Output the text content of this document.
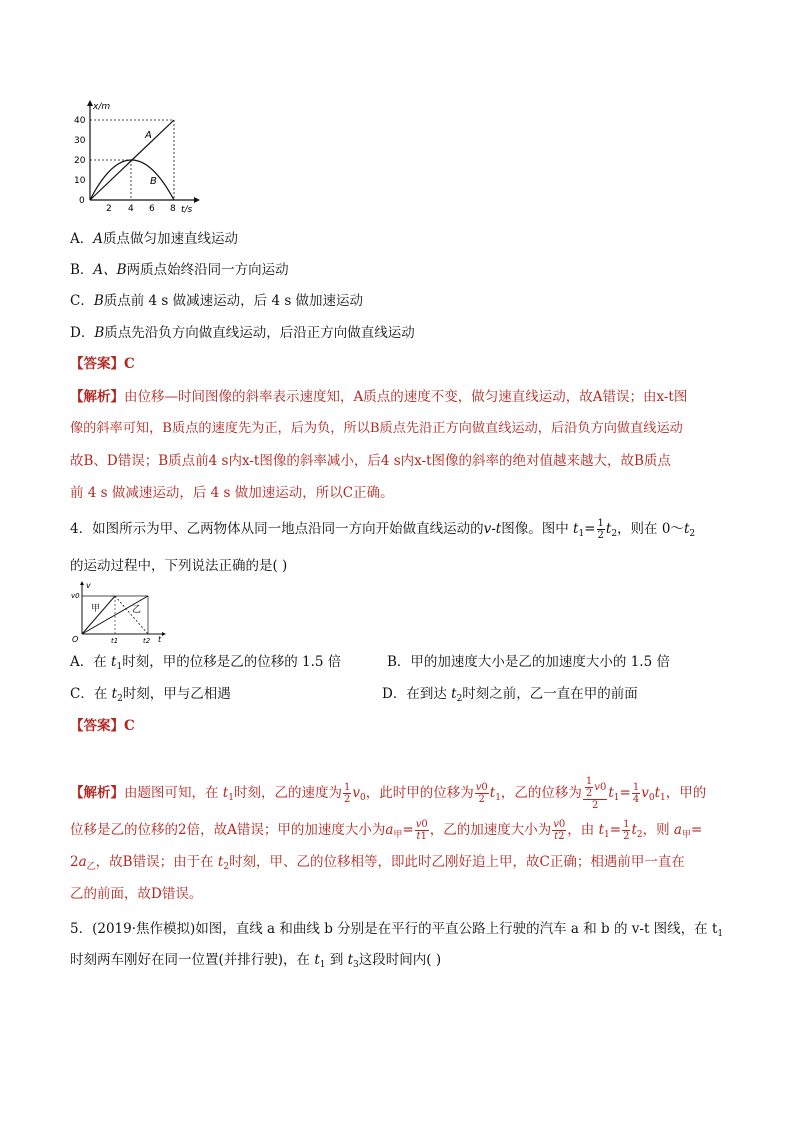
x/m
t/s
40
30
20
10
0
2 4 6 8
A
B
A．A质点做匀加速直线运动
B．A、B两质点始终沿同一方向运动
C．B质点前 4 s 做减速运动，后 4 s 做加速运动
D．B质点先沿负方向做直线运动，后沿正方向做直线运动
【答案】C
【解析】由位移—时间图像的斜率表示速度知，A质点的速度不变，做匀速直线运动，故A错误；由x-t图
像的斜率可知，B质点的速度先为正，后为负，所以B质点先沿正方向做直线运动，后沿负方向做直线运动
故B、D错误；B质点前4 s内x-t图像的斜率减小，后4 s内x-t图像的斜率的绝对值越来越大，故B质点
前 4 s 做减速运动，后 4 s 做加速运动，所以C正确。
4．如图所示为甲、乙两物体从同一地点沿同一方向开始做直线运动的v-t图像。图中 $t_1= \frac{1}{2} t_2$，则在 $0\sim t_2$
的运动过程中，下列说法正确的是( )
v
v0
甲	乙
O	t1	t2 t
A．在 $t_1$时刻，甲的位移是乙的位移的 1.5 倍	B．甲的加速度大小是乙的加速度大小的 1.5 倍
C．在 $t_2$时刻，甲与乙相遇	D．在到达 $t_2$时刻之前，乙一直在甲的前面
【答案】C
【解析】由题图可知，在 $t_1$时刻，乙的速度为 $\frac{1}{2} v_0$，此时甲的位移为 $\frac{v0}{2} t_1$，乙的位移为 $\frac{\frac{1}{2} v0}{2} t_1= \frac{1}{4} v_0t_1$，甲的
位移是乙的位移的2倍，故A错误；甲的加速度大小为$a_甲= \frac{v0}{t1}$ ，乙的加速度大小为 $\frac{v0}{t2}$ ，由 $t_1= \frac{1}{2} t_2$，则 $a_甲=$
$2a_乙$，故B错误；由于在 $t_2$时刻，甲、乙的位移相等，即此时乙刚好追上甲，故C正确；相遇前甲一直在
乙的前面，故D错误。
5．(2019·焦作模拟)如图，直线 a 和曲线 b 分别是在平行的平直公路上行驶的汽车 a 和 b 的 v-t 图线，在 $t_1$
时刻两车刚好在同一位置(并排行驶)，在 $t_1$ 到 $t_3$这段时间内( )
